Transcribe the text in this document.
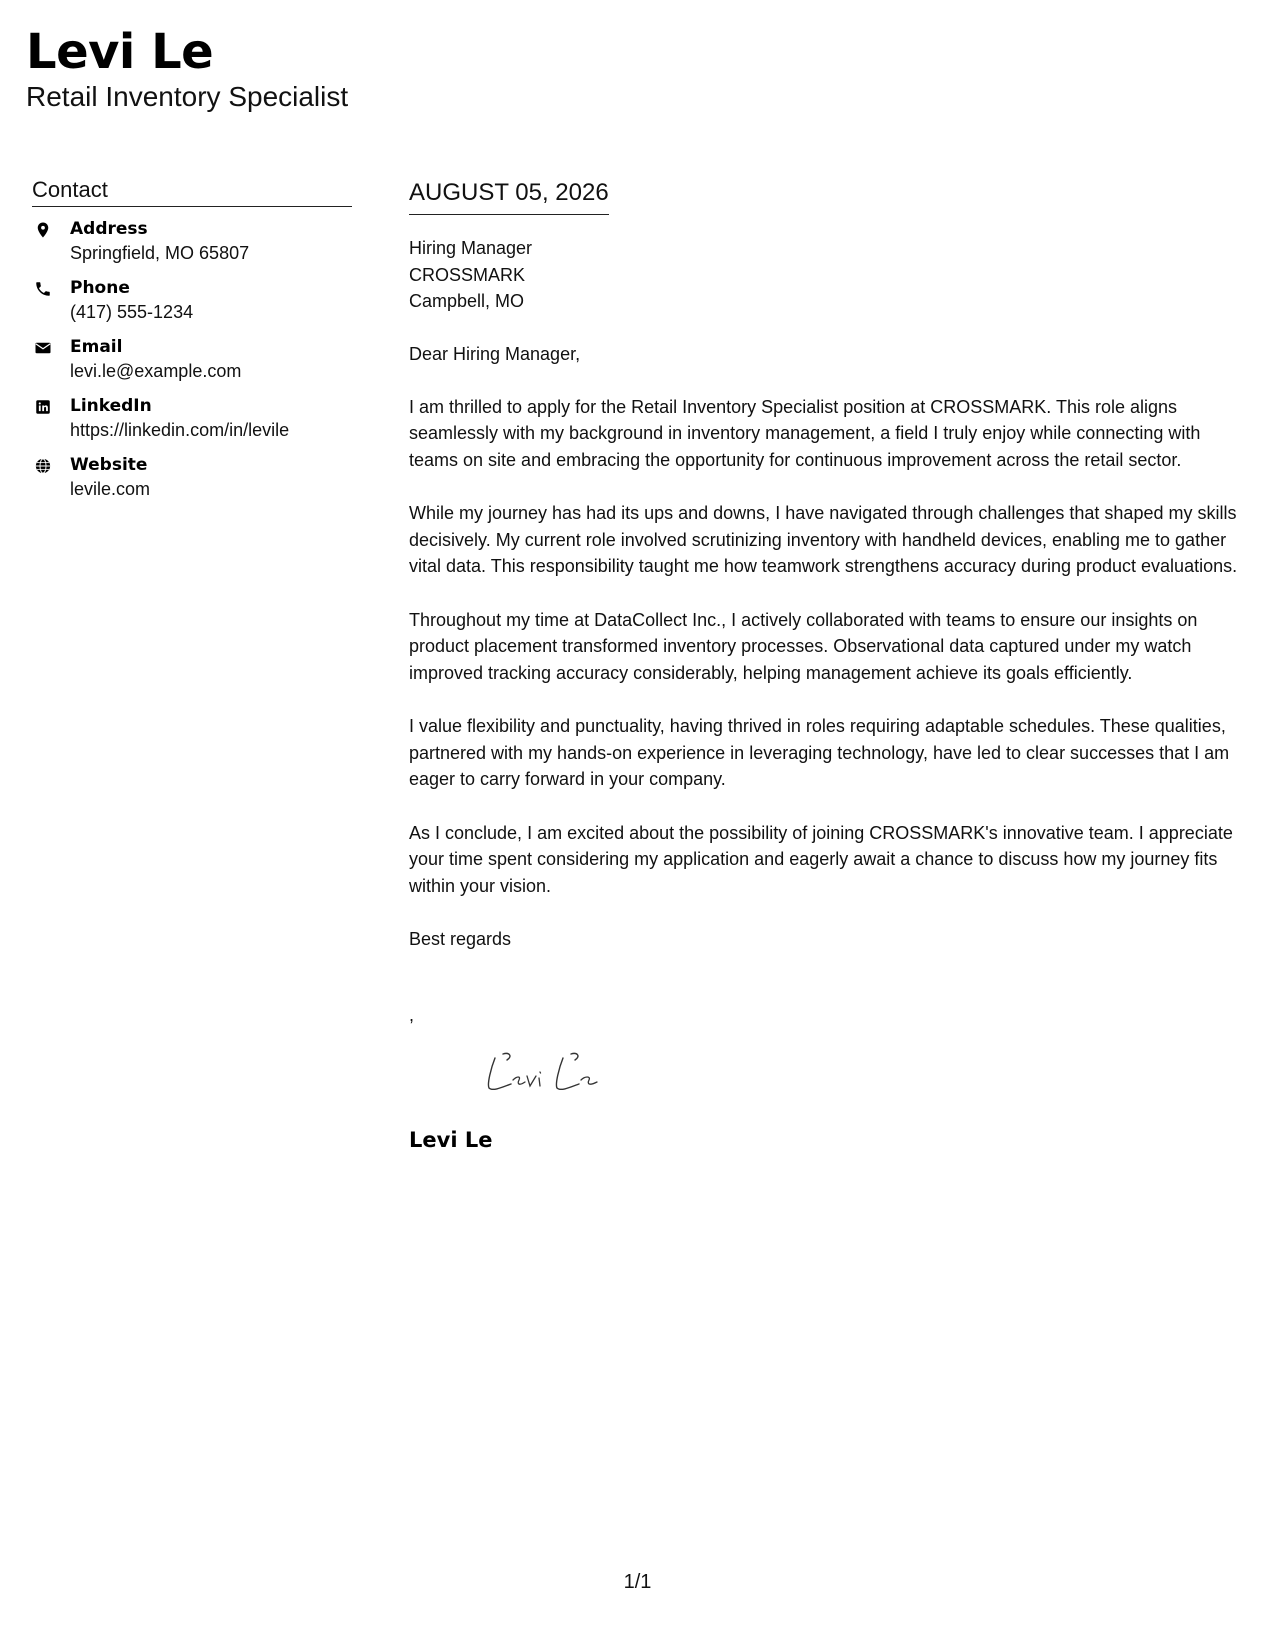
Levi Le
Retail Inventory Specialist
Contact
Address
Springfield, MO 65807
Phone
(417) 555-1234
Email
levi.le@example.com
LinkedIn
https://linkedin.com/in/levile
Website
levile.com
AUGUST 05, 2026
Hiring Manager
CROSSMARK
Campbell, MO
Dear Hiring Manager,

I am thrilled to apply for the Retail Inventory Specialist position at CROSSMARK. This role aligns seamlessly with my background in inventory management, a field I truly enjoy while connecting with teams on site and embracing the opportunity for continuous improvement across the retail sector.

While my journey has had its ups and downs, I have navigated through challenges that shaped my skills decisively. My current role involved scrutinizing inventory with handheld devices, enabling me to gather vital data. This responsibility taught me how teamwork strengthens accuracy during product evaluations.

Throughout my time at DataCollect Inc., I actively collaborated with teams to ensure our insights on product placement transformed inventory processes. Observational data captured under my watch improved tracking accuracy considerably, helping management achieve its goals efficiently.

I value flexibility and punctuality, having thrived in roles requiring adaptable schedules. These qualities, partnered with my hands-on experience in leveraging technology, have led to clear successes that I am eager to carry forward in your company.

As I conclude, I am excited about the possibility of joining CROSSMARK's innovative team. I appreciate your time spent considering my application and eagerly await a chance to discuss how my journey fits within your vision.

Best regards
,
Levi Le
1/1
